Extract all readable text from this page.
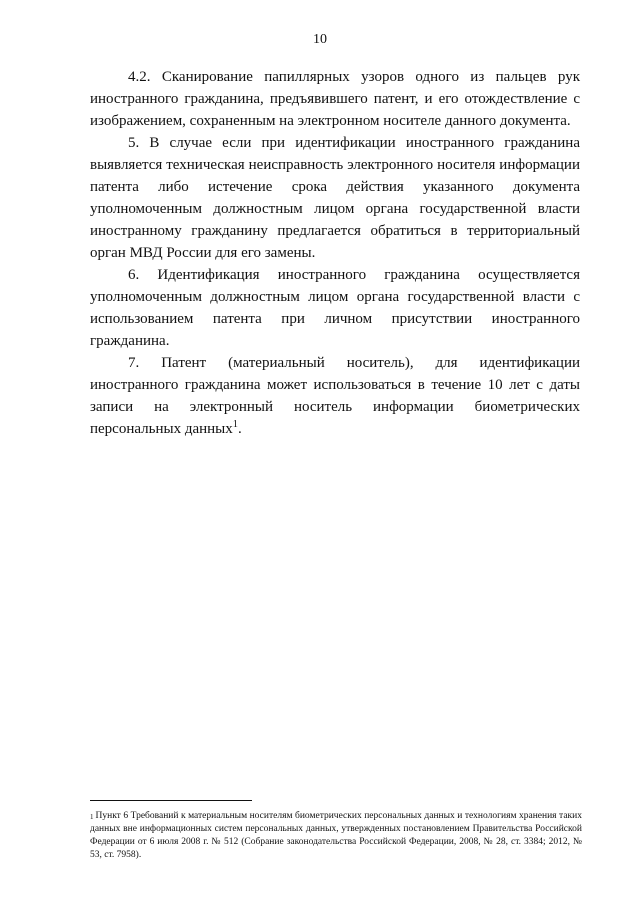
10

4.2. Сканирование папиллярных узоров одного из пальцев рук иностранного гражданина, предъявившего патент, и его отождествление с изображением, сохраненным на электронном носителе данного документа.

5. В случае если при идентификации иностранного гражданина выявляется техническая неисправность электронного носителя информации патента либо истечение срока действия указанного документа уполномоченным должностным лицом органа государственной власти иностранному гражданину предлагается обратиться в территориальный орган МВД России для его замены.

6. Идентификация иностранного гражданина осуществляется уполномоченным должностным лицом органа государственной власти с использованием патента при личном присутствии иностранного гражданина.

7. Патент (материальный носитель), для идентификации иностранного гражданина может использоваться в течение 10 лет с даты записи на электронный носитель информации биометрических персональных данных$^1$.

$^1$ Пункт 6 Требований к материальным носителям биометрических персональных данных и технологиям хранения таких данных вне информационных систем персональных данных, утвержденных постановлением Правительства Российской Федерации от 6 июля 2008 г. № 512 (Собрание законодательства Российской Федерации, 2008, № 28, ст. 3384; 2012, № 53, ст. 7958).
